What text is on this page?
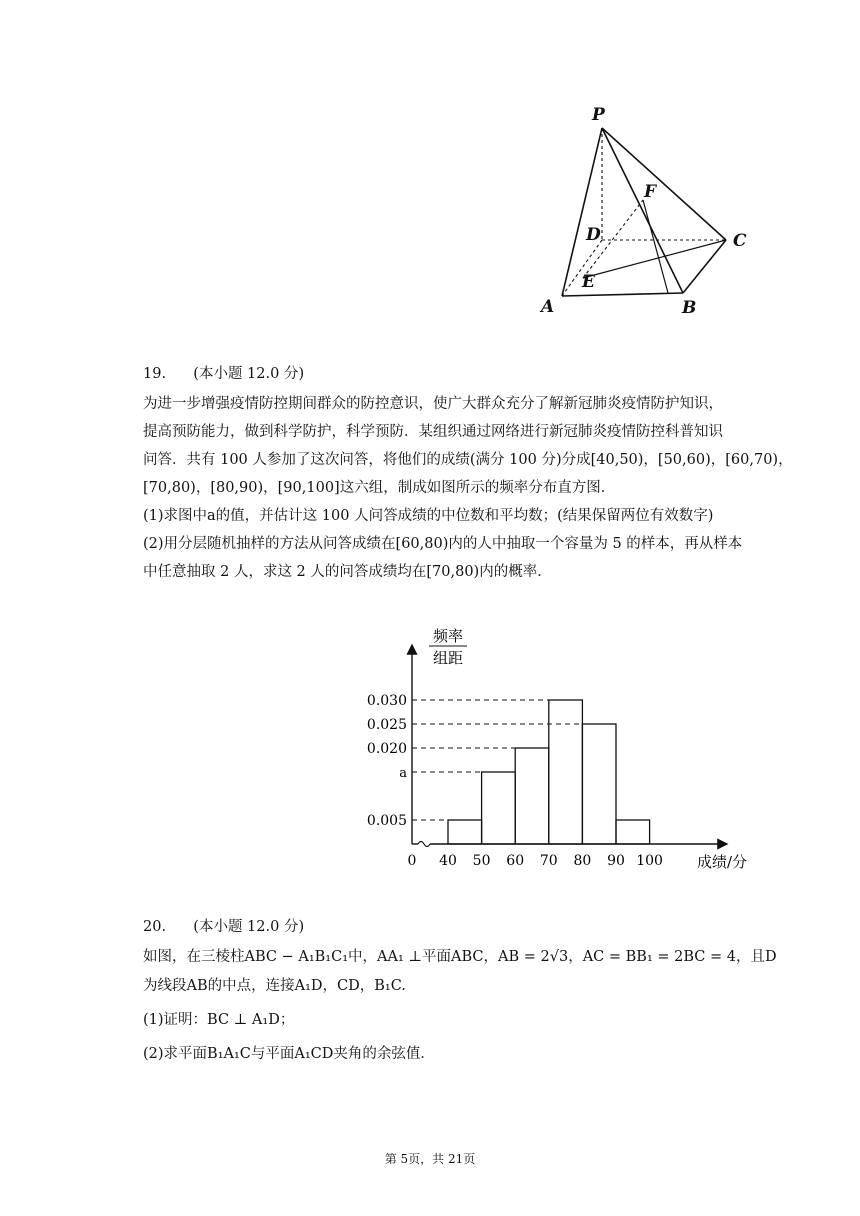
P
F
D	C
E
A	B
19. (本小题 12.0 分)
为进一步增强疫情防控期间群众的防控意识，使广大群众充分了解新冠肺炎疫情防护知识，
提高预防能力，做到科学防护，科学预防．某组织通过网络进行新冠肺炎疫情防控科普知识
问答．共有 100 人参加了这次问答，将他们的成绩(满分 100 分)分成[40,50)，[50,60)，[60,70)，
[70,80)，[80,90)，[90,100]这六组，制成如图所示的频率分布直方图．
(1)求图中a的值，并估计这 100 人问答成绩的中位数和平均数；(结果保留两位有效数字)
(2)用分层随机抽样的方法从问答成绩在[60,80)内的人中抽取一个容量为 5 的样本，再从样本
中任意抽取 2 人，求这 2 人的问答成绩均在[70,80)内的概率．
0.030
0.025
0.020
a
0.005
0 40 50 60 70 80 90 100
频率
组距
成绩/分
20. (本小题 12.0 分)
如图，在三棱柱ABC − A₁B₁C₁中，AA₁ ⊥平面ABC，AB = 2√3，AC = BB₁ = 2BC = 4，且D
为线段AB的中点，连接A₁D，CD，B₁C.
(1)证明：BC ⊥ A₁D；
(2)求平面B₁A₁C与平面A₁CD夹角的余弦值．
第 5页，共 21页
